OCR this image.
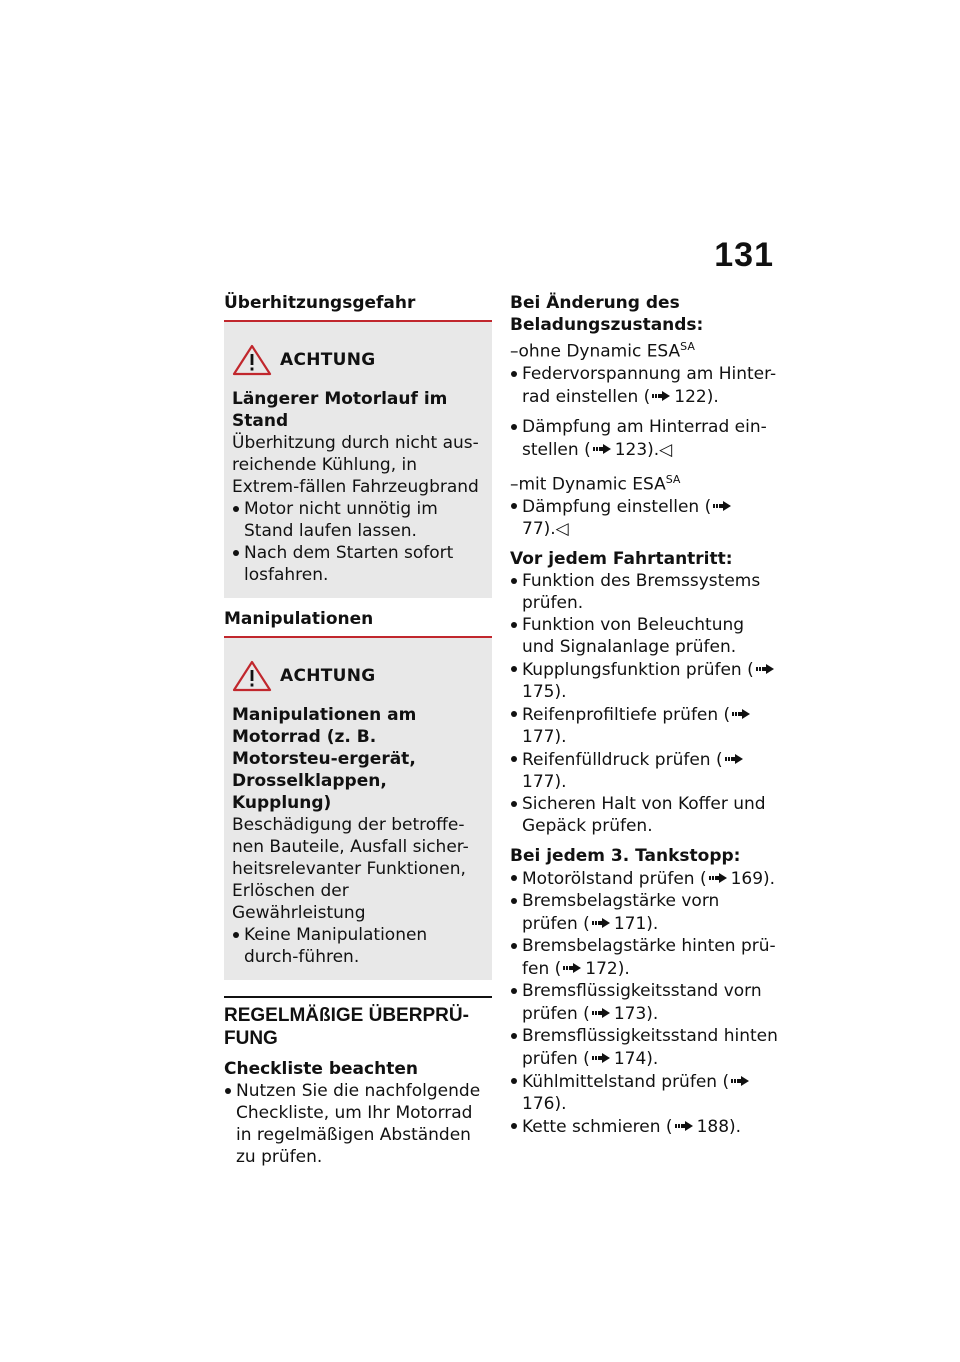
131

Überhitzungsgefahr

ACHTUNG

Längerer Motorlauf im Stand

Überhitzung durch nicht aus-reichende Kühlung, in Extrem-fällen Fahrzeugbrand

Motor nicht unnötig im Stand laufen lassen.
Nach dem Starten sofort losfahren.

Manipulationen

ACHTUNG

Manipulationen am Motorrad (z. B. Motorsteu-ergerät, Drosselklappen, Kupplung)

Beschädigung der betroffe-nen Bauteile, Ausfall sicher-heitsrelevanter Funktionen, Erlöschen der Gewährleistung

Keine Manipulationen durch-führen.

REGELMÄßIGE ÜBERPRÜ-FUNG

Checkliste beachten

Nutzen Sie die nachfolgende Checkliste, um Ihr Motorrad in regelmäßigen Abständen zu prüfen.

Bei Änderung des Beladungszustands:

–ohne Dynamic $ESA^{SA}$

Federvorspannung am Hinter-rad einstellen ( 122).
Dämpfung am Hinterrad ein-stellen ( 123).◁

–mit Dynamic $ESA^{SA}$

Dämpfung einstellen (77).◁

Vor jedem Fahrtantritt:

Funktion des Bremssystems prüfen.
Funktion von Beleuchtung und Signalanlage prüfen.
Kupplungsfunktion prüfen (175).
Reifenprofiltiefe prüfen (177).
Reifenfülldruck prüfen (177).
Sicheren Halt von Koffer und Gepäck prüfen.

Bei jedem 3. Tankstopp:

Motorölstand prüfen ( 169).
Bremsbelagstärke vorn prüfen ( 171).
Bremsbelagstärke hinten prü-fen ( 172).
Bremsflüssigkeitsstand vorn prüfen ( 173).
Bremsflüssigkeitsstand hinten prüfen ( 174).
Kühlmittelstand prüfen (176).
Kette schmieren ( 188).
